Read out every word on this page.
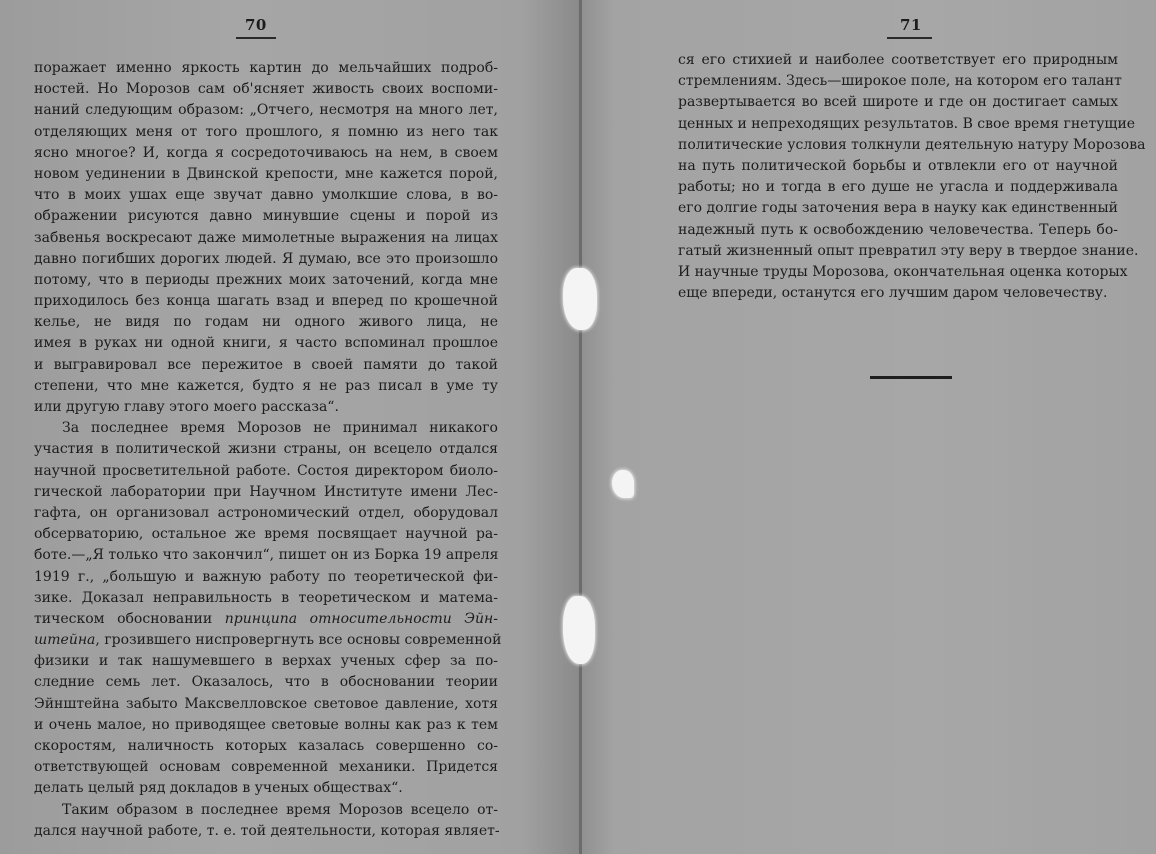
70
поражает именно яркость картин до мельчайших подроб-
ностей. Но Морозов сам об'ясняет живость своих воспоми-
наний следующим образом: „Отчего, несмотря на много лет,
отделяющих меня от того прошлого, я помню из него так
ясно многое? И, когда я сосредоточиваюсь на нем, в своем
новом уединении в Двинской крепости, мне кажется порой,
что в моих ушах еще звучат давно умолкшие слова, в во-
ображении рисуются давно минувшие сцены и порой из
забвенья воскресают даже мимолетные выражения на лицах
давно погибших дорогих людей. Я думаю, все это произошло
потому, что в периоды прежних моих заточений, когда мне
приходилось без конца шагать взад и вперед по крошечной
келье, не видя по годам ни одного живого лица, не
имея в руках ни одной книги, я часто вспоминал прошлое
и выгравировал все пережитое в своей памяти до такой
степени, что мне кажется, будто я не раз писал в уме ту
или другую главу этого моего рассказа“.
За последнее время Морозов не принимал никакого
участия в политической жизни страны, он всецело отдался
научной просветительной работе. Состоя директором биоло-
гической лаборатории при Научном Институте имени Лес-
гафта, он организовал астрономический отдел, оборудовал
обсерваторию, остальное же время посвящает научной ра-
боте.—„Я только что закончил“, пишет он из Борка 19 апреля
1919 г., „большую и важную работу по теоретической фи-
зике. Доказал неправильность в теоретическом и матема-
тическом обосновании принципа относительности Эйн-
штейна, грозившего ниспровергнуть все основы современной
физики и так нашумевшего в верхах ученых сфер за по-
следние семь лет. Оказалось, что в обосновании теории
Эйнштейна забыто Максвелловское световое давление, хотя
и очень малое, но приводящее световые волны как раз к тем
скоростям, наличность которых казалась совершенно со-
ответствующей основам современной механики. Придется
делать целый ряд докладов в ученых обществах“.
Таким образом в последнее время Морозов всецело от-
дался научной работе, т. е. той деятельности, которая являет-
71
ся его стихией и наиболее соответствует его природным
стремлениям. Здесь—широкое поле, на котором его талант
развертывается во всей широте и где он достигает самых
ценных и непреходящих результатов. В свое время гнетущие
политические условия толкнули деятельную натуру Морозова
на путь политической борьбы и отвлекли его от научной
работы; но и тогда в его душе не угасла и поддерживала
его долгие годы заточения вера в науку как единственный
надежный путь к освобождению человечества. Теперь бо-
гатый жизненный опыт превратил эту веру в твердое знание.
И научные труды Морозова, окончательная оценка которых
еще впереди, останутся его лучшим даром человечеству.
